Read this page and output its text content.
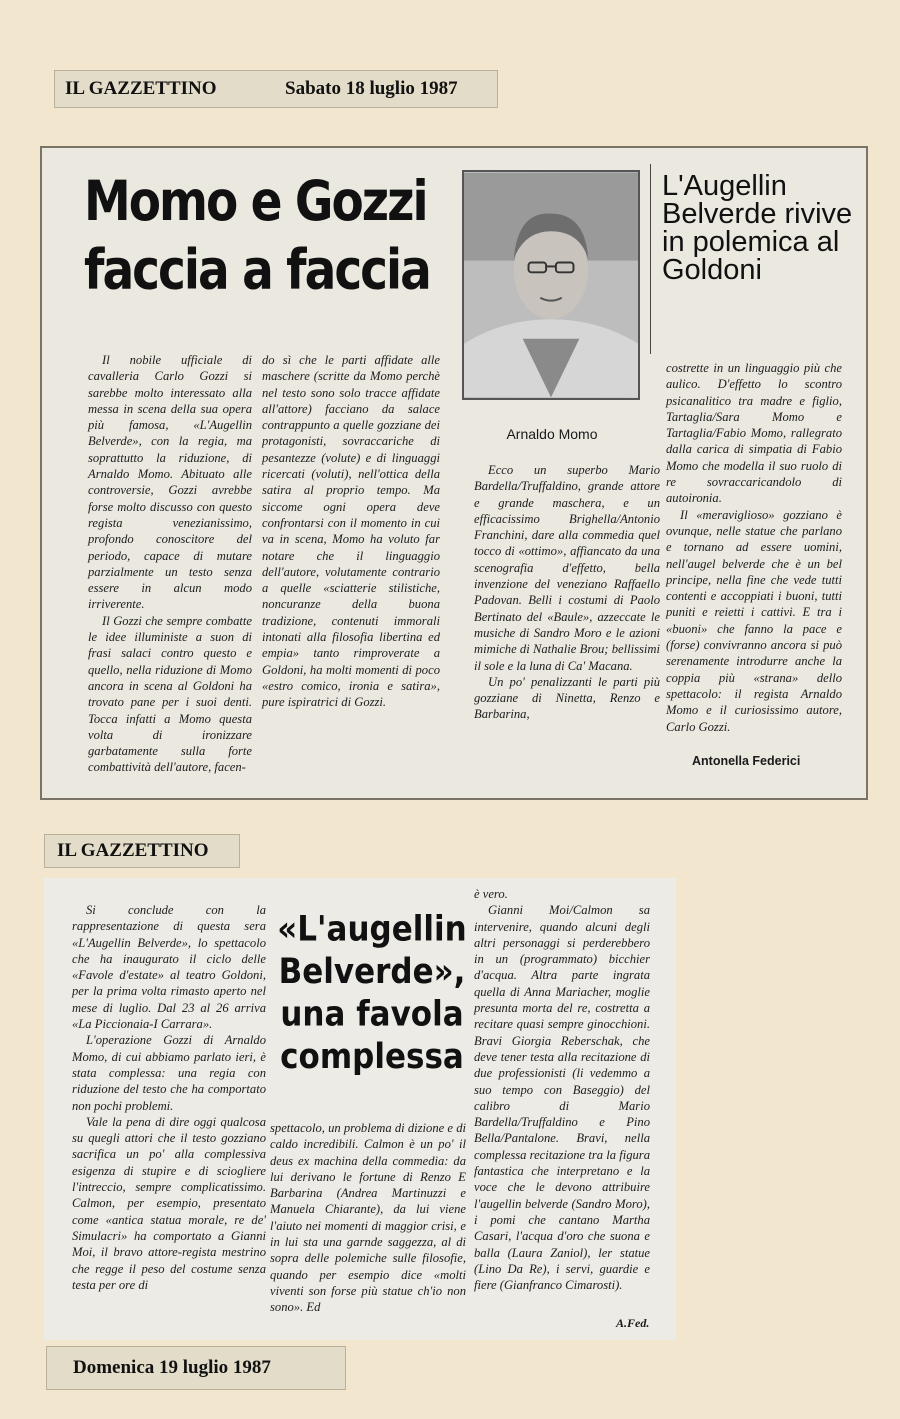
IL GAZZETTINO	Sabato 18 luglio 1987
Momo e Gozzi faccia a faccia
Arnaldo Momo
L'Augellin Belverde rivive in polemica al Goldoni

Il nobile ufficiale di cavalleria Carlo Gozzi si sarebbe molto interessato alla messa in scena della sua opera più famosa, «L'Augellin Belverde», con la regia, ma soprattutto la riduzione, di Arnaldo Momo. Abituato alle controversie, Gozzi avrebbe forse molto discusso con questo regista venezianissimo, profondo conoscitore del periodo, capace di mutare parzialmente un testo senza essere in alcun modo irriverente.

Il Gozzi che sempre combatte le idee illuministe a suon di frasi salaci contro questo e quello, nella riduzione di Momo ancora in scena al Goldoni ha trovato pane per i suoi denti. Tocca infatti a Momo questa volta di ironizzare garbatamente sulla forte combattività dell'autore, facen-

do sì che le parti affidate alle maschere (scritte da Momo perchè nel testo sono solo tracce affidate all'attore) facciano da salace contrappunto a quelle gozziane dei protagonisti, sovraccariche di pesantezze (volute) e di linguaggi ricercati (voluti), nell'ottica della satira al proprio tempo. Ma siccome ogni opera deve confrontarsi con il momento in cui va in scena, Momo ha voluto far notare che il linguaggio dell'autore, volutamente contrario a quelle «sciatterie stilistiche, noncuranze della buona tradizione, contenuti immorali intonati alla filosofia libertina ed empia» tanto rimproverate a Goldoni, ha molti momenti di poco «estro comico, ironia e satira», pure ispiratrici di Gozzi.

Ecco un superbo Mario Bardella/Truffaldino, grande attore e grande maschera, e un efficacissimo Brighella/Antonio Franchini, dare alla commedia quel tocco di «ottimo», affiancato da una scenografia d'effetto, bella invenzione del veneziano Raffaello Padovan. Belli i costumi di Paolo Bertinato del «Baule», azzeccate le musiche di Sandro Moro e le azioni mimiche di Nathalie Brou; bellissimi il sole e la luna di Ca' Macana.

Un po' penalizzanti le parti più gozziane di Ninetta, Renzo e Barbarina,

costrette in un linguaggio più che aulico. D'effetto lo scontro psicanalitico tra madre e figlio, Tartaglia/Sara Momo e Tartaglia/Fabio Momo, rallegrato dalla carica di simpatia di Fabio Momo che modella il suo ruolo di re sovraccaricandolo di autoironia.

Il «meraviglioso» gozziano è ovunque, nelle statue che parlano e tornano ad essere uomini, nell'augel belverde che è un bel principe, nella fine che vede tutti contenti e accoppiati i buoni, tutti puniti e reietti i cattivi. E tra i «buoni» che fanno la pace e (forse) convivranno ancora si può serenamente introdurre anche la coppia più «strana» dello spettacolo: il regista Arnaldo Momo e il curiosissimo autore, Carlo Gozzi.

Antonella Federici
IL GAZZETTINO

Si conclude con la rappresentazione di questa sera «L'Augellin Belverde», lo spettacolo che ha inaugurato il ciclo delle «Favole d'estate» al teatro Goldoni, per la prima volta rimasto aperto nel mese di luglio. Dal 23 al 26 arriva «La Piccionaia-I Carrara».

L'operazione Gozzi di Arnaldo Momo, di cui abbiamo parlato ieri, è stata complessa: una regia con riduzione del testo che ha comportato non pochi problemi.

Vale la pena di dire oggi qualcosa su quegli attori che il testo gozziano sacrifica un po' alla complessiva esigenza di stupire e di sciogliere l'intreccio, sempre complicatissimo. Calmon, per esempio, presentato come «antica statua morale, re de' Simulacri» ha comportato a Gianni Moi, il bravo attore-regista mestrino che regge il peso del costume senza testa per ore di

«L'augellin Belverde», una favola complessa

spettacolo, un problema di dizione e di caldo incredibili. Calmon è un po' il deus ex machina della commedia: da lui derivano le fortune di Renzo E Barbarina (Andrea Martinuzzi e Manuela Chiarante), da lui viene l'aiuto nei momenti di maggior crisi, e in lui sta una garnde saggezza, al di sopra delle polemiche sulle filosofie, quando per esempio dice «molti viventi son forse più statue ch'io non sono». Ed

è vero.

Gianni Moi/Calmon sa intervenire, quando alcuni degli altri personaggi si perderebbero in un (programmato) bicchier d'acqua. Altra parte ingrata quella di Anna Mariacher, moglie presunta morta del re, costretta a recitare quasi sempre ginocchioni. Bravi Giorgia Reberschak, che deve tener testa alla recitazione di due professionisti (li vedemmo a suo tempo con Baseggio) del calibro di Mario Bardella/Truffaldino e Pino Bella/Pantalone. Bravi, nella complessa recitazione tra la figura fantastica che interpretano e la voce che le devono attribuire l'augellin belverde (Sandro Moro), i pomi che cantano Martha Casari, l'acqua d'oro che suona e balla (Laura Zaniol), ler statue (Lino Da Re), i servi, guardie e fiere (Gianfranco Cimarosti).

A.Fed.
Domenica 19 luglio 1987
